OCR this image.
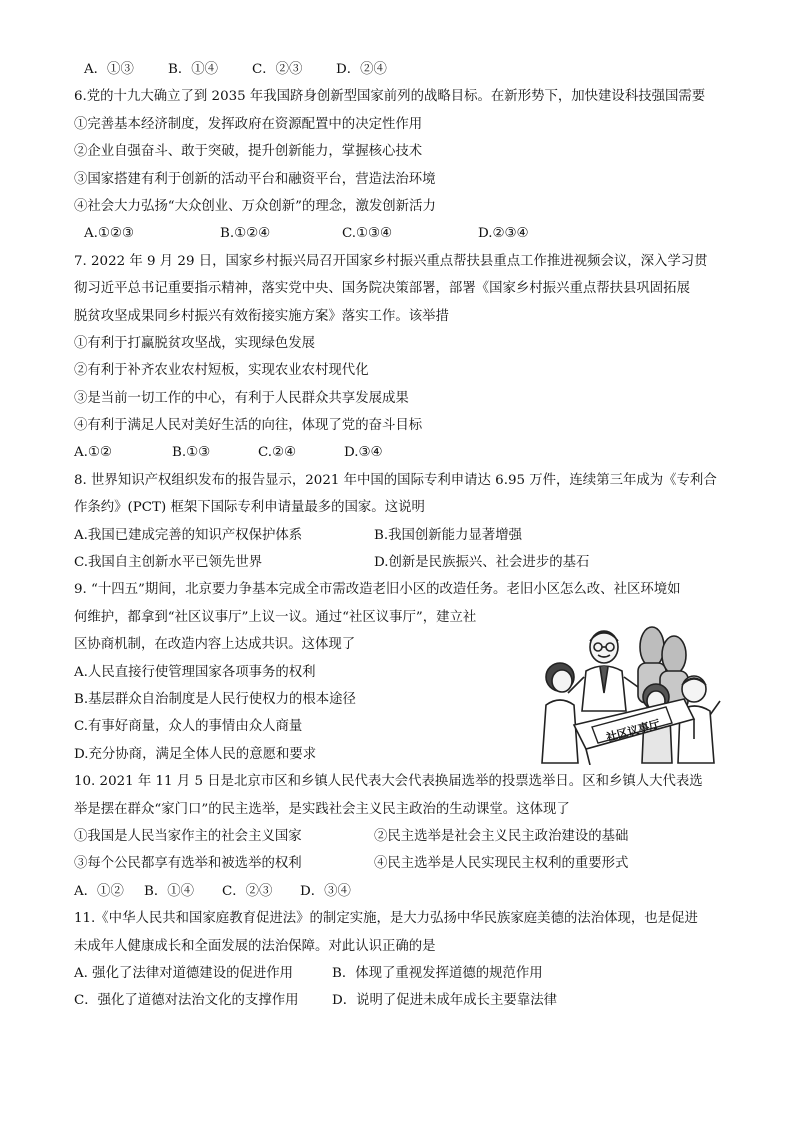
A．①③	B．①④	C．②③	D．②④
6.党的十九大确立了到 2035 年我国跻身创新型国家前列的战略目标。在新形势下，加快建设科技强国需要
①完善基本经济制度，发挥政府在资源配置中的决定性作用
②企业自强奋斗、敢于突破，提升创新能力，掌握核心技术
③国家搭建有利于创新的活动平台和融资平台，营造法治环境
④社会大力弘扬“大众创业、万众创新”的理念，激发创新活力
A.①②③	B.①②④	C.①③④	D.②③④
7. 2022 年 9 月 29 日，国家乡村振兴局召开国家乡村振兴重点帮扶县重点工作推进视频会议，深入学习贯
彻习近平总书记重要指示精神，落实党中央、国务院决策部署，部署《国家乡村振兴重点帮扶县巩固拓展
脱贫攻坚成果同乡村振兴有效衔接实施方案》落实工作。该举措
①有利于打赢脱贫攻坚战，实现绿色发展
②有利于补齐农业农村短板，实现农业农村现代化
③是当前一切工作的中心，有利于人民群众共享发展成果
④有利于满足人民对美好生活的向往，体现了党的奋斗目标
A.①②	B.①③	C.②④	D.③④
8. 世界知识产权组织发布的报告显示，2021 年中国的国际专利申请达 6.95 万件，连续第三年成为《专利合
作条约》(PCT) 框架下国际专利申请量最多的国家。这说明
A.我国已建成完善的知识产权保护体系	B.我国创新能力显著增强
C.我国自主创新水平已领先世界	D.创新是民族振兴、社会进步的基石
9. “十四五”期间，北京要力争基本完成全市需改造老旧小区的改造任务。老旧小区怎么改、社区环境如
何维护，都拿到“社区议事厅”上议一议。通过“社区议事厅”，建立社
区协商机制，在改造内容上达成共识。这体现了
A.人民直接行使管理国家各项事务的权利
B.基层群众自治制度是人民行使权力的根本途径
C.有事好商量，众人的事情由众人商量
D.充分协商，满足全体人民的意愿和要求
10. 2021 年 11 月 5 日是北京市区和乡镇人民代表大会代表换届选举的投票选举日。区和乡镇人大代表选
举是摆在群众“家门口”的民主选举，是实践社会主义民主政治的生动课堂。这体现了
①我国是人民当家作主的社会主义国家	②民主选举是社会主义民主政治建设的基础
③每个公民都享有选举和被选举的权利	④民主选举是人民实现民主权利的重要形式
A．①②	B．①④	C．②③	D．③④
11.《中华人民共和国家庭教育促进法》的制定实施，是大力弘扬中华民族家庭美德的法治体现，也是促进
未成年人健康成长和全面发展的法治保障。对此认识正确的是
A. 强化了法律对道德建设的促进作用	B．体现了重视发挥道德的规范作用
C．强化了道德对法治文化的支撑作用	D．说明了促进未成年成长主要靠法律
社区议事厅
